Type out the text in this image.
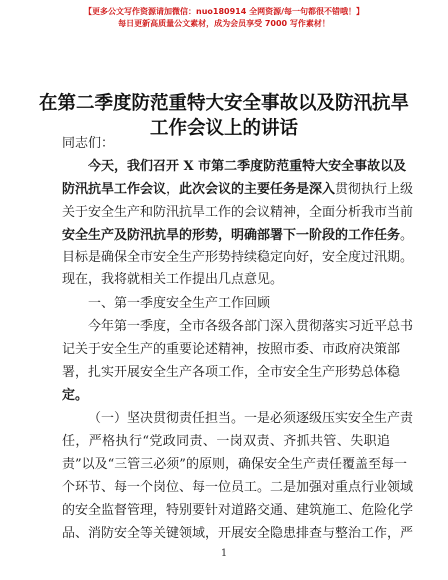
【更多公文写作资源请加微信：nuo180914 全网资源/每一句都很不错哦！】
每日更新高质量公文素材，成为会员享受 7000 写作素材！
在第二季度防范重特大安全事故以及防汛抗旱
工作会议上的讲话
同志们：
今天，我们召开 X 市第二季度防范重特大安全事故以及
防汛抗旱工作会议，此次会议的主要任务是深入贯彻执行上级
关于安全生产和防汛抗旱工作的会议精神，全面分析我市当前
安全生产及防汛抗旱的形势，明确部署下一阶段的工作任务。
目标是确保全市安全生产形势持续稳定向好，安全度过汛期。
现在，我将就相关工作提出几点意见。
一、第一季度安全生产工作回顾
今年第一季度，全市各级各部门深入贯彻落实习近平总书
记关于安全生产的重要论述精神，按照市委、市政府决策部
署，扎实开展安全生产各项工作，全市安全生产形势总体稳
定。
（一）坚决贯彻责任担当。一是必须逐级压实安全生产责
任，严格执行“党政同责、一岗双责、齐抓共管、失职追
责”以及“三管三必须”的原则，确保安全生产责任覆盖至每一
个环节、每一个岗位、每一位员工。二是加强对重点行业领域
的安全监督管理，特别要针对道路交通、建筑施工、危险化学
品、消防安全等关键领域，开展安全隐患排查与整治工作，严
1
